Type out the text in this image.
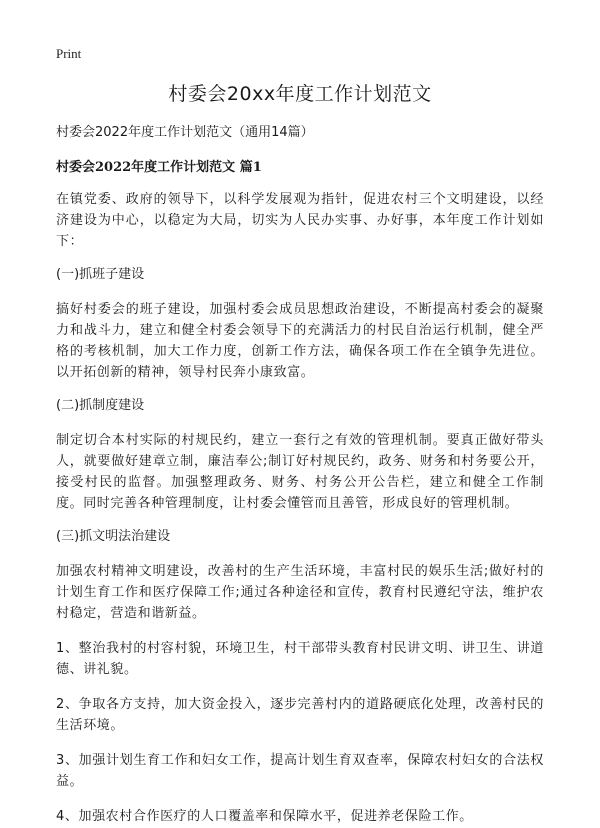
Print
村委会20xx年度工作计划范文
村委会2022年度工作计划范文（通用14篇）
村委会2022年度工作计划范文 篇1

在镇党委、政府的领导下，以科学发展观为指针，促进农村三个文明建设，以经济建设为中心，以稳定为大局，切实为人民办实事、办好事，本年度工作计划如下：

(一)抓班子建设

搞好村委会的班子建设，加强村委会成员思想政治建设，不断提高村委会的凝聚力和战斗力，建立和健全村委会领导下的充满活力的村民自治运行机制，健全严格的考核机制，加大工作力度，创新工作方法，确保各项工作在全镇争先进位。以开拓创新的精神，领导村民奔小康致富。

(二)抓制度建设

制定切合本村实际的村规民约，建立一套行之有效的管理机制。要真正做好带头人，就要做好建章立制，廉洁奉公;制订好村规民约，政务、财务和村务要公开，接受村民的监督。加强整理政务、财务、村务公开公告栏，建立和健全工作制度。同时完善各种管理制度，让村委会懂管而且善管，形成良好的管理机制。

(三)抓文明法治建设

加强农村精神文明建设，改善村的生产生活环境，丰富村民的娱乐生活;做好村的计划生育工作和医疗保障工作;通过各种途径和宣传，教育村民遵纪守法，维护农村稳定，营造和谐新益。

1、整治我村的村容村貌，环境卫生，村干部带头教育村民讲文明、讲卫生、讲道德、讲礼貌。

2、争取各方支持，加大资金投入，逐步完善村内的道路硬底化处理，改善村民的生活环境。

3、加强计划生育工作和妇女工作，提高计划生育双查率，保障农村妇女的合法权益。

4、加强农村合作医疗的人口覆盖率和保障水平，促进养老保险工作。
